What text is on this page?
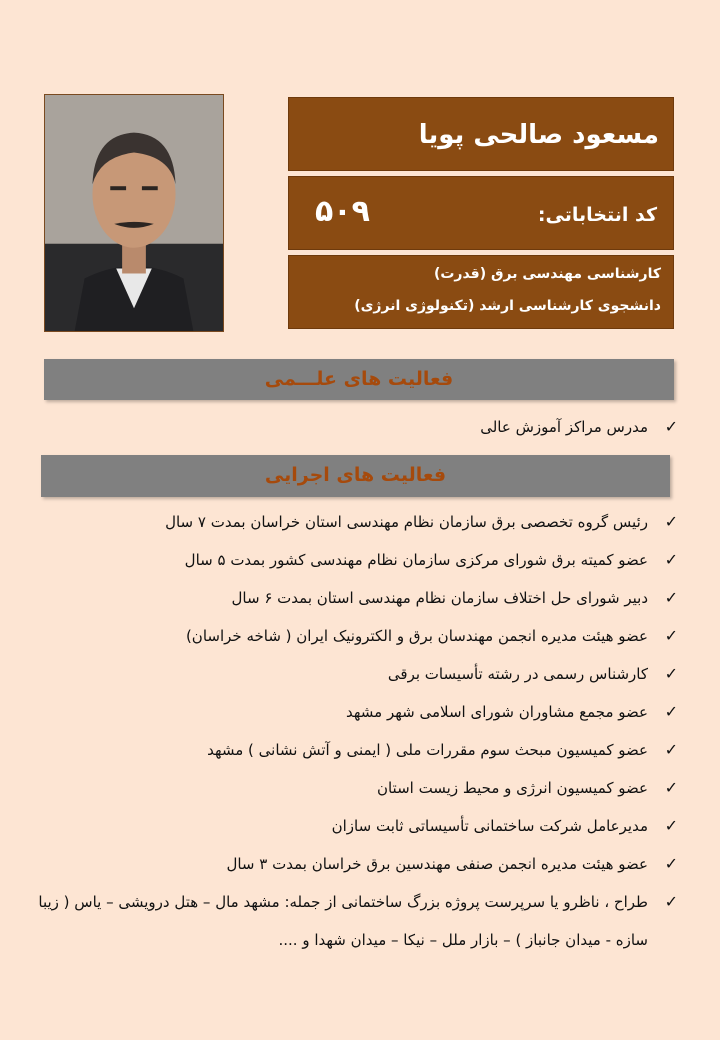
مسعود صالحی پویا
کد انتخاباتی:
۵۰۹
کارشناسی مهندسی برق (قدرت)
دانشجوی کارشناسی ارشد (تکنولوژی انرژی)
فعالیت های علـــمی
✓
مدرس مراکز آموزش عالی
فعالیت های اجرایی
✓
رئیس گروه تخصصی برق سازمان نظام مهندسی استان خراسان بمدت ۷ سال
✓
عضو کمیته برق شورای مرکزی سازمان نظام مهندسی کشور بمدت ۵ سال
✓
دبیر شورای حل اختلاف سازمان نظام مهندسی استان بمدت ۶ سال
✓
عضو هیئت مدیره انجمن مهندسان برق و الکترونیک ایران ( شاخه خراسان)
✓
کارشناس رسمی در رشته تأسیسات برقی
✓
عضو مجمع مشاوران شورای اسلامی شهر مشهد
✓
عضو کمیسیون مبحث سوم مقررات ملی ( ایمنی و آتش نشانی ) مشهد
✓
عضو کمیسیون انرژی و محیط زیست استان
✓
مدیرعامل شرکت ساختمانی تأسیساتی ثابت سازان
✓
عضو هیئت مدیره انجمن صنفی مهندسین برق خراسان بمدت ۳ سال
✓
طراح ، ناظرو یا سرپرست پروژه بزرگ ساختمانی از جمله: مشهد مال – هتل درویشی – یاس ( زیبا سازه - میدان جانباز ) – بازار ملل – نیکا – میدان شهدا و ....
